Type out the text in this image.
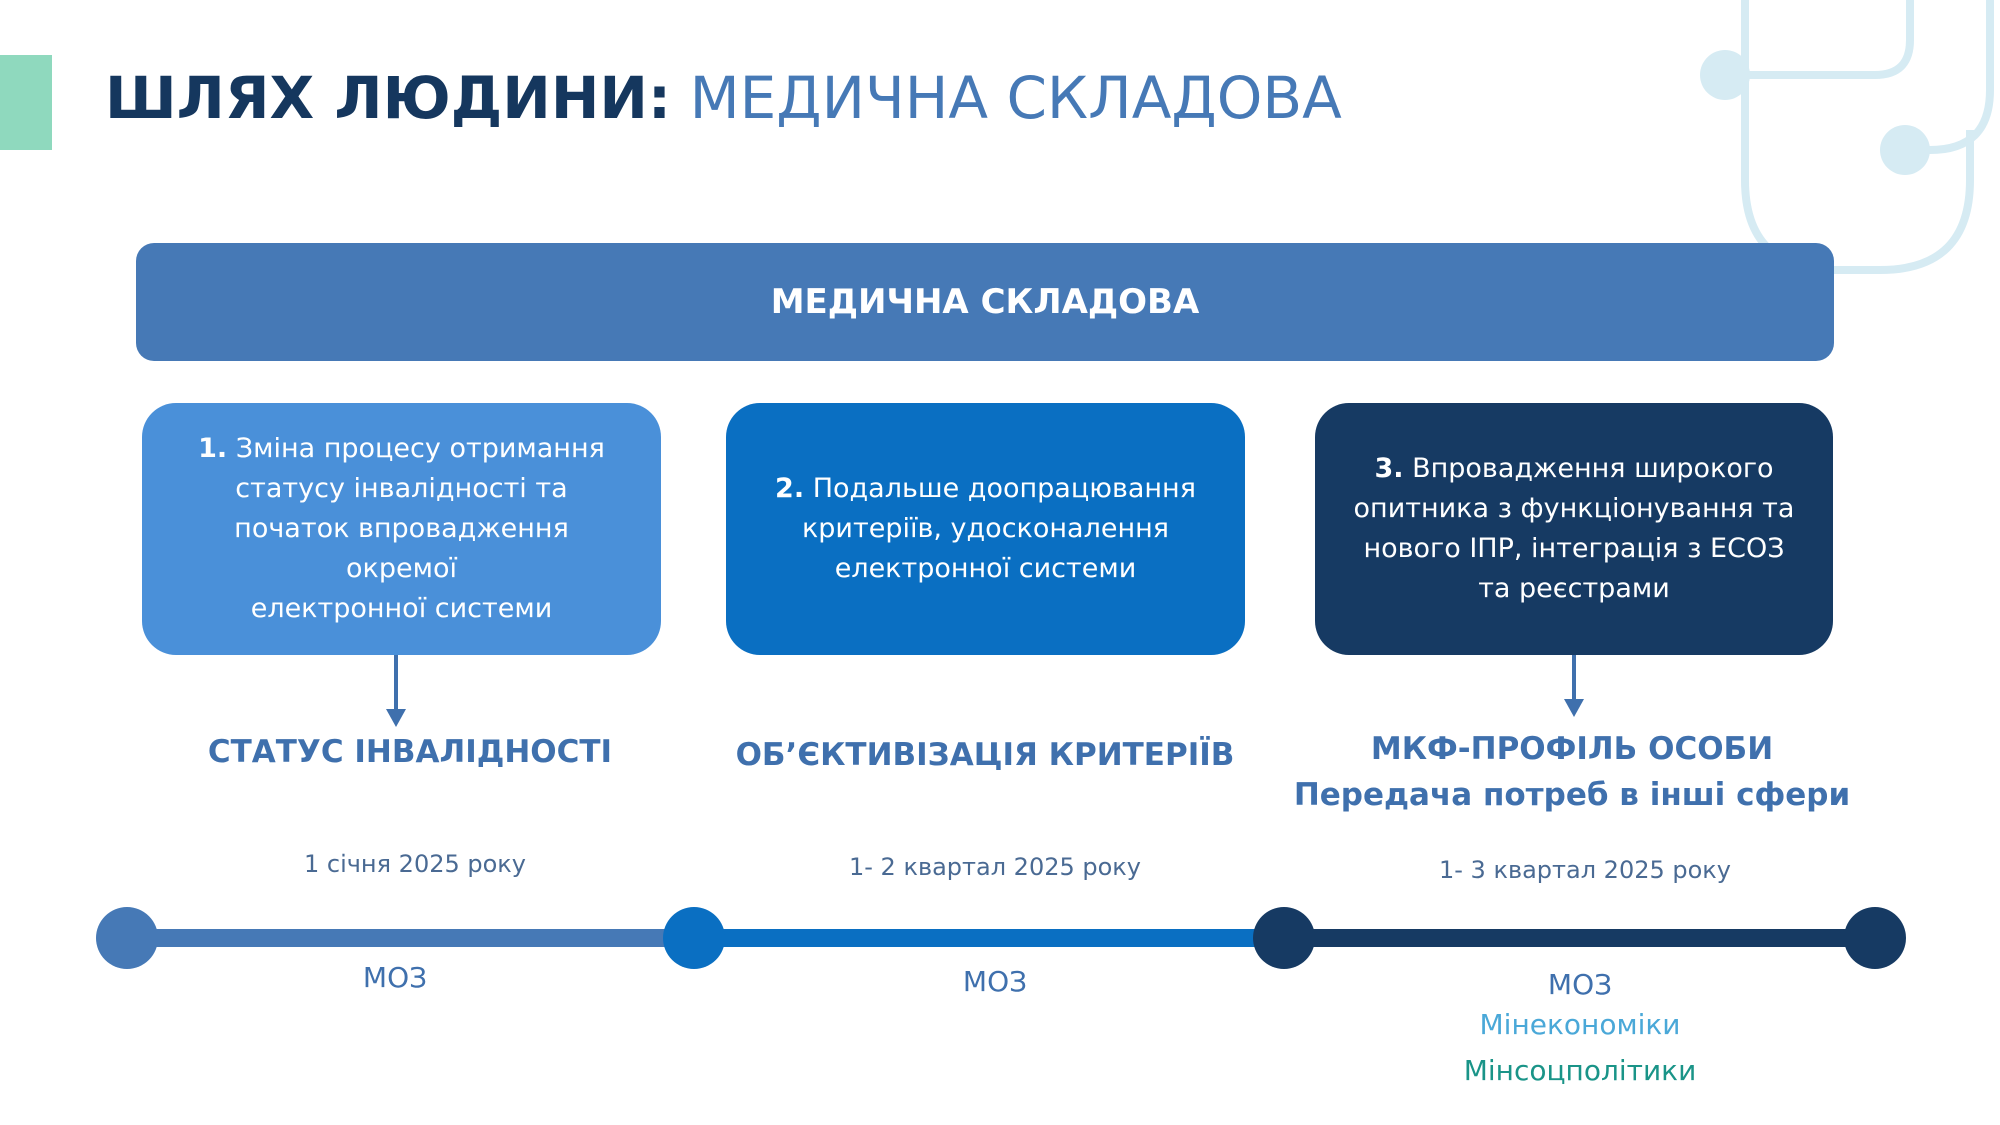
ШЛЯХ ЛЮДИНИ: МЕДИЧНА СКЛАДОВА
МЕДИЧНА СКЛАДОВА
1. Зміна процесу отримання
статусу інвалідності та
початок впровадження
окремої
електронної системи
2. Подальше доопрацювання
критеріїв, удосконалення
електронної системи
3. Впровадження широкого
опитника з функціонування та
нового ІПР, інтеграція з ЕСОЗ
та реєстрами
СТАТУС ІНВАЛІДНОСТІ	ОБ’ЄКТИВІЗАЦІЯ КРИТЕРІЇВ	МКФ-ПРОФІЛЬ ОСОБИ
Передача потреб в інші сфери
1 січня 2025 року	1- 2 квартал 2025 року	1- 3 квартал 2025 року
МОЗ	МОЗ	МОЗ
Мінекономіки
Мінсоцполітики
